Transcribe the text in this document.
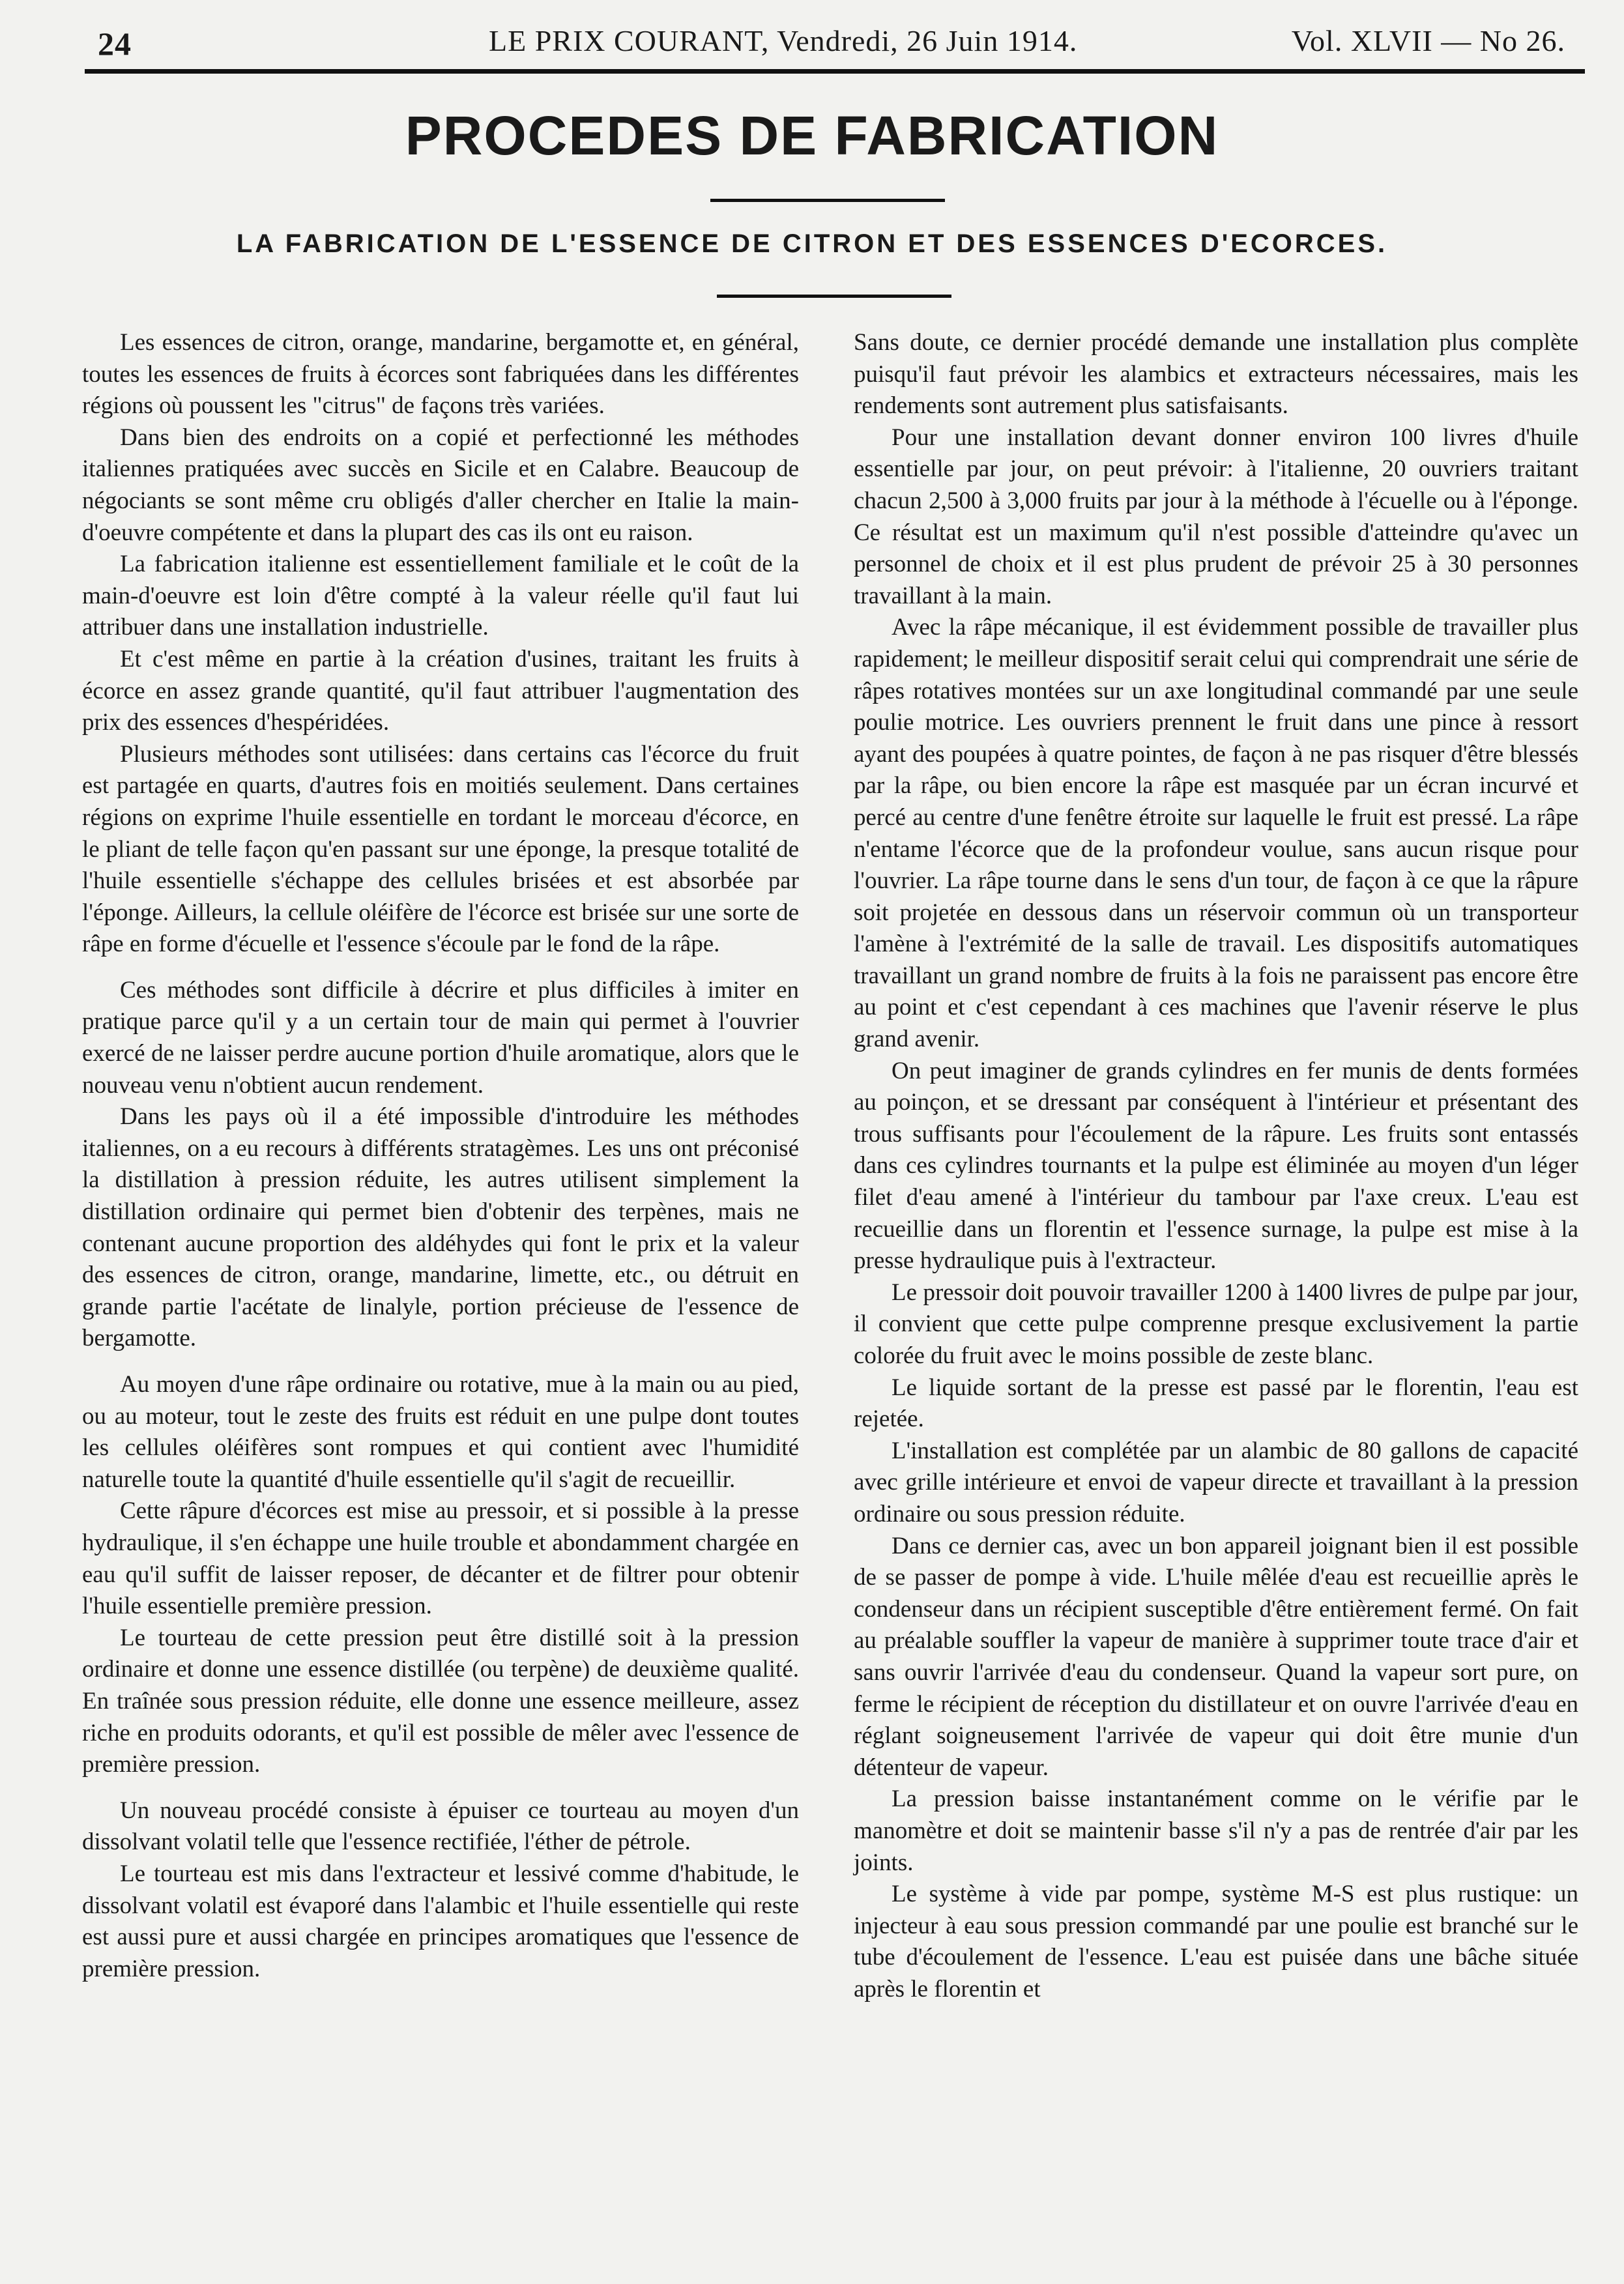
24	LE PRIX COURANT, Vendredi, 26 Juin 1914.	Vol. XLVII — No 26.
PROCEDES DE FABRICATION
LA FABRICATION DE L'ESSENCE DE CITRON ET DES ESSENCES D'ECORCES.

Les essences de citron, orange, mandarine, bergamotte et, en général, toutes les essences de fruits à écorces sont fabriquées dans les différentes régions où poussent les "citrus" de façons très variées.

Dans bien des endroits on a copié et perfectionné les méthodes italiennes pratiquées avec succès en Sicile et en Calabre. Beaucoup de négociants se sont même cru obligés d'aller chercher en Italie la main-d'oeuvre compétente et dans la plupart des cas ils ont eu raison.

La fabrication italienne est essentiellement familiale et le coût de la main-d'oeuvre est loin d'être compté à la valeur réelle qu'il faut lui attribuer dans une installation industrielle.

Et c'est même en partie à la création d'usines, traitant les fruits à écorce en assez grande quantité, qu'il faut attribuer l'augmentation des prix des essences d'hespéridées.

Plusieurs méthodes sont utilisées: dans certains cas l'écorce du fruit est partagée en quarts, d'autres fois en moitiés seulement. Dans certaines régions on exprime l'huile essentielle en tordant le morceau d'écorce, en le pliant de telle façon qu'en passant sur une éponge, la presque totalité de l'huile essentielle s'échappe des cellules brisées et est absorbée par l'éponge. Ailleurs, la cellule oléifère de l'écorce est brisée sur une sorte de râpe en forme d'écuelle et l'essence s'écoule par le fond de la râpe.

Ces méthodes sont difficile à décrire et plus difficiles à imiter en pratique parce qu'il y a un certain tour de main qui permet à l'ouvrier exercé de ne laisser perdre aucune portion d'huile aromatique, alors que le nouveau venu n'obtient aucun rendement.

Dans les pays où il a été impossible d'introduire les méthodes italiennes, on a eu recours à différents stratagèmes. Les uns ont préconisé la distillation à pression réduite, les autres utilisent simplement la distillation ordinaire qui permet bien d'obtenir des terpènes, mais ne contenant aucune proportion des aldéhydes qui font le prix et la valeur des essences de citron, orange, mandarine, limette, etc., ou détruit en grande partie l'acétate de linalyle, portion précieuse de l'essence de bergamotte.

Au moyen d'une râpe ordinaire ou rotative, mue à la main ou au pied, ou au moteur, tout le zeste des fruits est réduit en une pulpe dont toutes les cellules oléifères sont rompues et qui contient avec l'humidité naturelle toute la quantité d'huile essentielle qu'il s'agit de recueillir.

Cette râpure d'écorces est mise au pressoir, et si possible à la presse hydraulique, il s'en échappe une huile trouble et abondamment chargée en eau qu'il suffit de laisser reposer, de décanter et de filtrer pour obtenir l'huile essentielle première pression.

Le tourteau de cette pression peut être distillé soit à la pression ordinaire et donne une essence distillée (ou terpène) de deuxième qualité. En traînée sous pression réduite, elle donne une essence meilleure, assez riche en produits odorants, et qu'il est possible de mêler avec l'essence de première pression.

Un nouveau procédé consiste à épuiser ce tourteau au moyen d'un dissolvant volatil telle que l'essence rectifiée, l'éther de pétrole.

Le tourteau est mis dans l'extracteur et lessivé comme d'habitude, le dissolvant volatil est évaporé dans l'alambic et l'huile essentielle qui reste est aussi pure et aussi chargée en principes aromatiques que l'essence de première pression.

Sans doute, ce dernier procédé demande une installation plus complète puisqu'il faut prévoir les alambics et extracteurs nécessaires, mais les rendements sont autrement plus satisfaisants.

Pour une installation devant donner environ 100 livres d'huile essentielle par jour, on peut prévoir: à l'italienne, 20 ouvriers traitant chacun 2,500 à 3,000 fruits par jour à la méthode à l'écuelle ou à l'éponge. Ce résultat est un maximum qu'il n'est possible d'atteindre qu'avec un personnel de choix et il est plus prudent de prévoir 25 à 30 personnes travaillant à la main.

Avec la râpe mécanique, il est évidemment possible de travailler plus rapidement; le meilleur dispositif serait celui qui comprendrait une série de râpes rotatives montées sur un axe longitudinal commandé par une seule poulie motrice. Les ouvriers prennent le fruit dans une pince à ressort ayant des poupées à quatre pointes, de façon à ne pas risquer d'être blessés par la râpe, ou bien encore la râpe est masquée par un écran incurvé et percé au centre d'une fenêtre étroite sur laquelle le fruit est pressé. La râpe n'entame l'écorce que de la profondeur voulue, sans aucun risque pour l'ouvrier. La râpe tourne dans le sens d'un tour, de façon à ce que la râpure soit projetée en dessous dans un réservoir commun où un transporteur l'amène à l'extrémité de la salle de travail. Les dispositifs automatiques travaillant un grand nombre de fruits à la fois ne paraissent pas encore être au point et c'est cependant à ces machines que l'avenir réserve le plus grand avenir.

On peut imaginer de grands cylindres en fer munis de dents formées au poinçon, et se dressant par conséquent à l'intérieur et présentant des trous suffisants pour l'écoulement de la râpure. Les fruits sont entassés dans ces cylindres tournants et la pulpe est éliminée au moyen d'un léger filet d'eau amené à l'intérieur du tambour par l'axe creux. L'eau est recueillie dans un florentin et l'essence surnage, la pulpe est mise à la presse hydraulique puis à l'extracteur.

Le pressoir doit pouvoir travailler 1200 à 1400 livres de pulpe par jour, il convient que cette pulpe comprenne presque exclusivement la partie colorée du fruit avec le moins possible de zeste blanc.

Le liquide sortant de la presse est passé par le florentin, l'eau est rejetée.

L'installation est complétée par un alambic de 80 gallons de capacité avec grille intérieure et envoi de vapeur directe et travaillant à la pression ordinaire ou sous pression réduite.

Dans ce dernier cas, avec un bon appareil joignant bien il est possible de se passer de pompe à vide. L'huile mêlée d'eau est recueillie après le condenseur dans un récipient susceptible d'être entièrement fermé. On fait au préalable souffler la vapeur de manière à supprimer toute trace d'air et sans ouvrir l'arrivée d'eau du condenseur. Quand la vapeur sort pure, on ferme le récipient de réception du distillateur et on ouvre l'arrivée d'eau en réglant soigneusement l'arrivée de vapeur qui doit être munie d'un détenteur de vapeur.

La pression baisse instantanément comme on le vérifie par le manomètre et doit se maintenir basse s'il n'y a pas de rentrée d'air par les joints.

Le système à vide par pompe, système M-S est plus rustique: un injecteur à eau sous pression commandé par une poulie est branché sur le tube d'écoulement de l'essence. L'eau est puisée dans une bâche située après le florentin et
